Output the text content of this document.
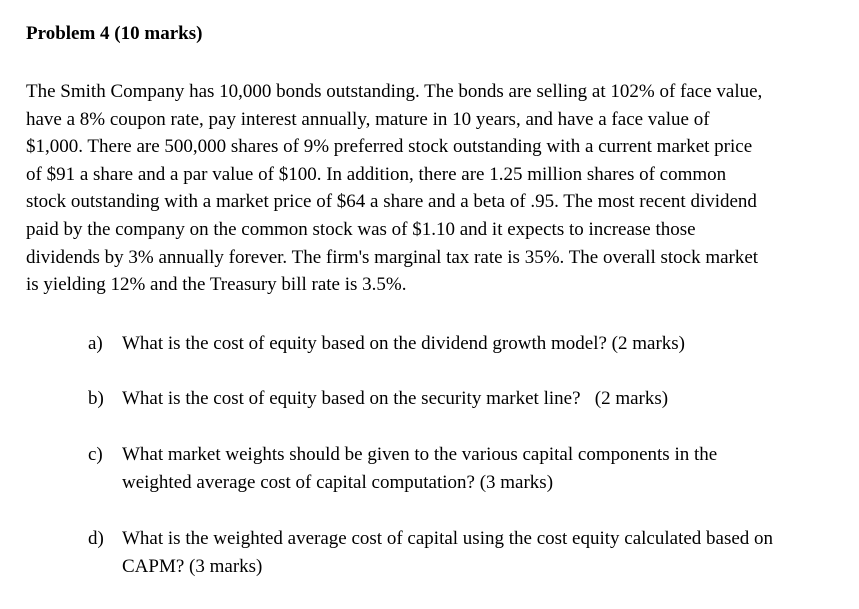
Problem 4 (10 marks)
The Smith Company has 10,000 bonds outstanding. The bonds are selling at 102% of face value,
have a 8% coupon rate, pay interest annually, mature in 10 years, and have a face value of
$1,000. There are 500,000 shares of 9% preferred stock outstanding with a current market price
of $91 a share and a par value of $100. In addition, there are 1.25 million shares of common
stock outstanding with a market price of $64 a share and a beta of .95. The most recent dividend
paid by the company on the common stock was of $1.10 and it expects to increase those
dividends by 3% annually forever. The firm's marginal tax rate is 35%. The overall stock market
is yielding 12% and the Treasury bill rate is 3.5%.
a) What is the cost of equity based on the dividend growth model? (2 marks)
b) What is the cost of equity based on the security market line?   (2 marks)
c) What market weights should be given to the various capital components in the
weighted average cost of capital computation? (3 marks)
d) What is the weighted average cost of capital using the cost equity calculated based on
CAPM? (3 marks)
